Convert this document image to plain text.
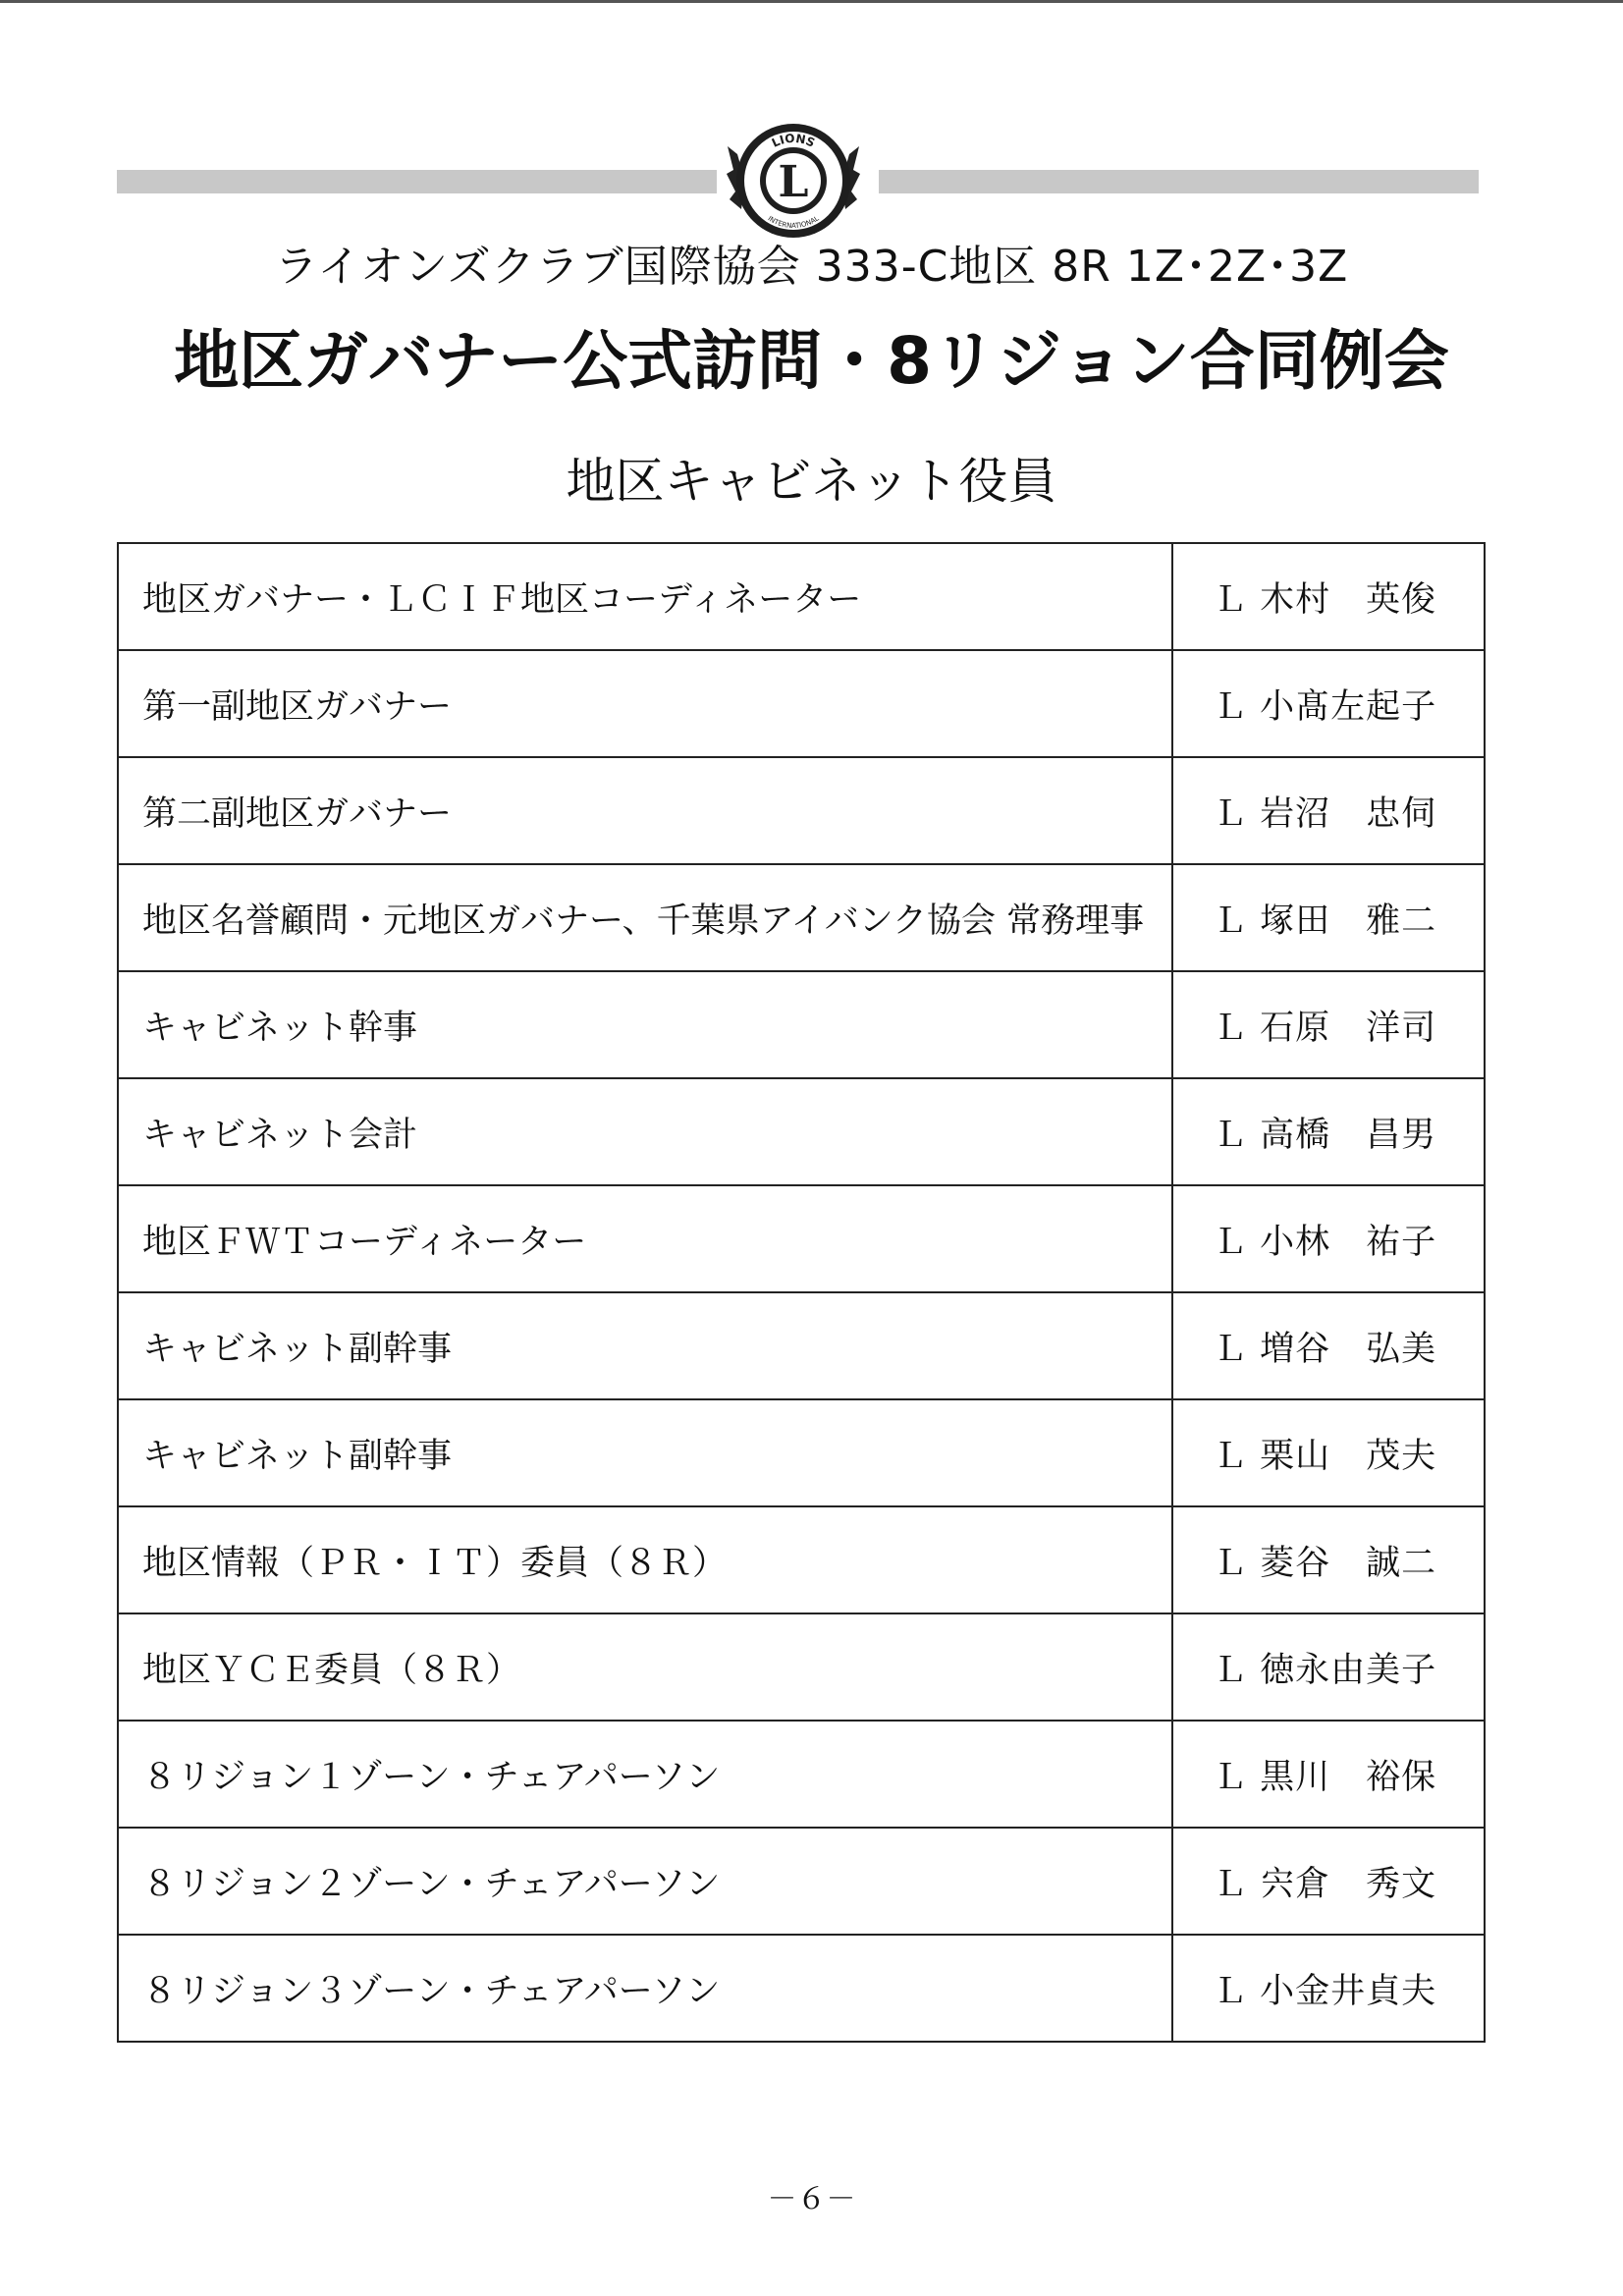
LIONS
INTERNATIONAL
L
ライオンズクラブ国際協会 333-C地区 8R 1Z･2Z･3Z
地区ガバナー公式訪問・8リジョン合同例会
地区キャビネット役員
地区ガバナー・ＬＣＩＦ地区コーディネーター	Ｌ 木村　英俊
第一副地区ガバナー	Ｌ 小髙左起子
第二副地区ガバナー	Ｌ 岩沼　忠伺
地区名誉顧問・元地区ガバナー、千葉県アイバンク協会 常務理事	Ｌ 塚田　雅二
キャビネット幹事	Ｌ 石原　洋司
キャビネット会計	Ｌ 高橋　昌男
地区ＦＷＴコーディネーター	Ｌ 小林　祐子
キャビネット副幹事	Ｌ 増谷　弘美
キャビネット副幹事	Ｌ 栗山　茂夫
地区情報（ＰＲ・ＩＴ）委員（８Ｒ）	Ｌ 菱谷　誠二
地区ＹＣＥ委員（８Ｒ）	Ｌ 徳永由美子
８リジョン１ゾーン・チェアパーソン	Ｌ 黒川　裕保
８リジョン２ゾーン・チェアパーソン	Ｌ 宍倉　秀文
８リジョン３ゾーン・チェアパーソン	Ｌ 小金井貞夫
－６－
